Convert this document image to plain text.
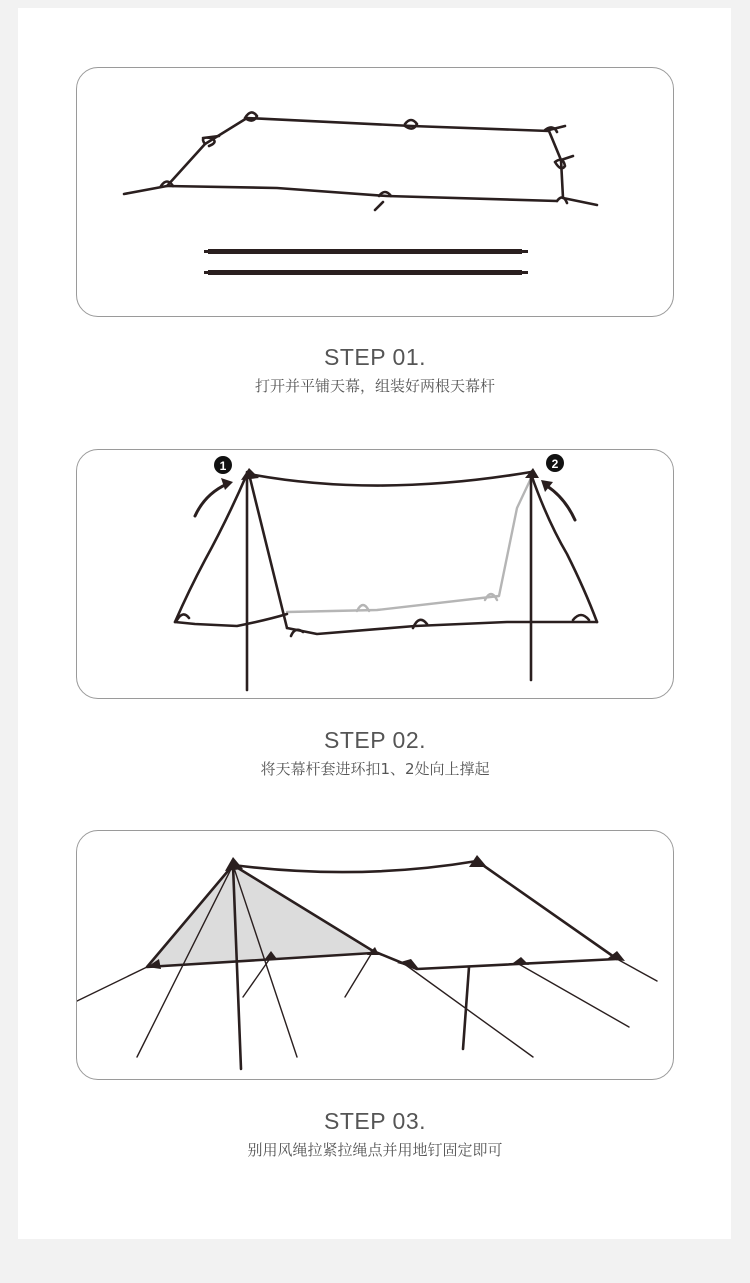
STEP 01.
打开并平铺天幕，组装好两根天幕杆
1	2
STEP 02.
将天幕杆套进环扣1、2处向上撑起
STEP 03.
别用风绳拉紧拉绳点并用地钉固定即可
